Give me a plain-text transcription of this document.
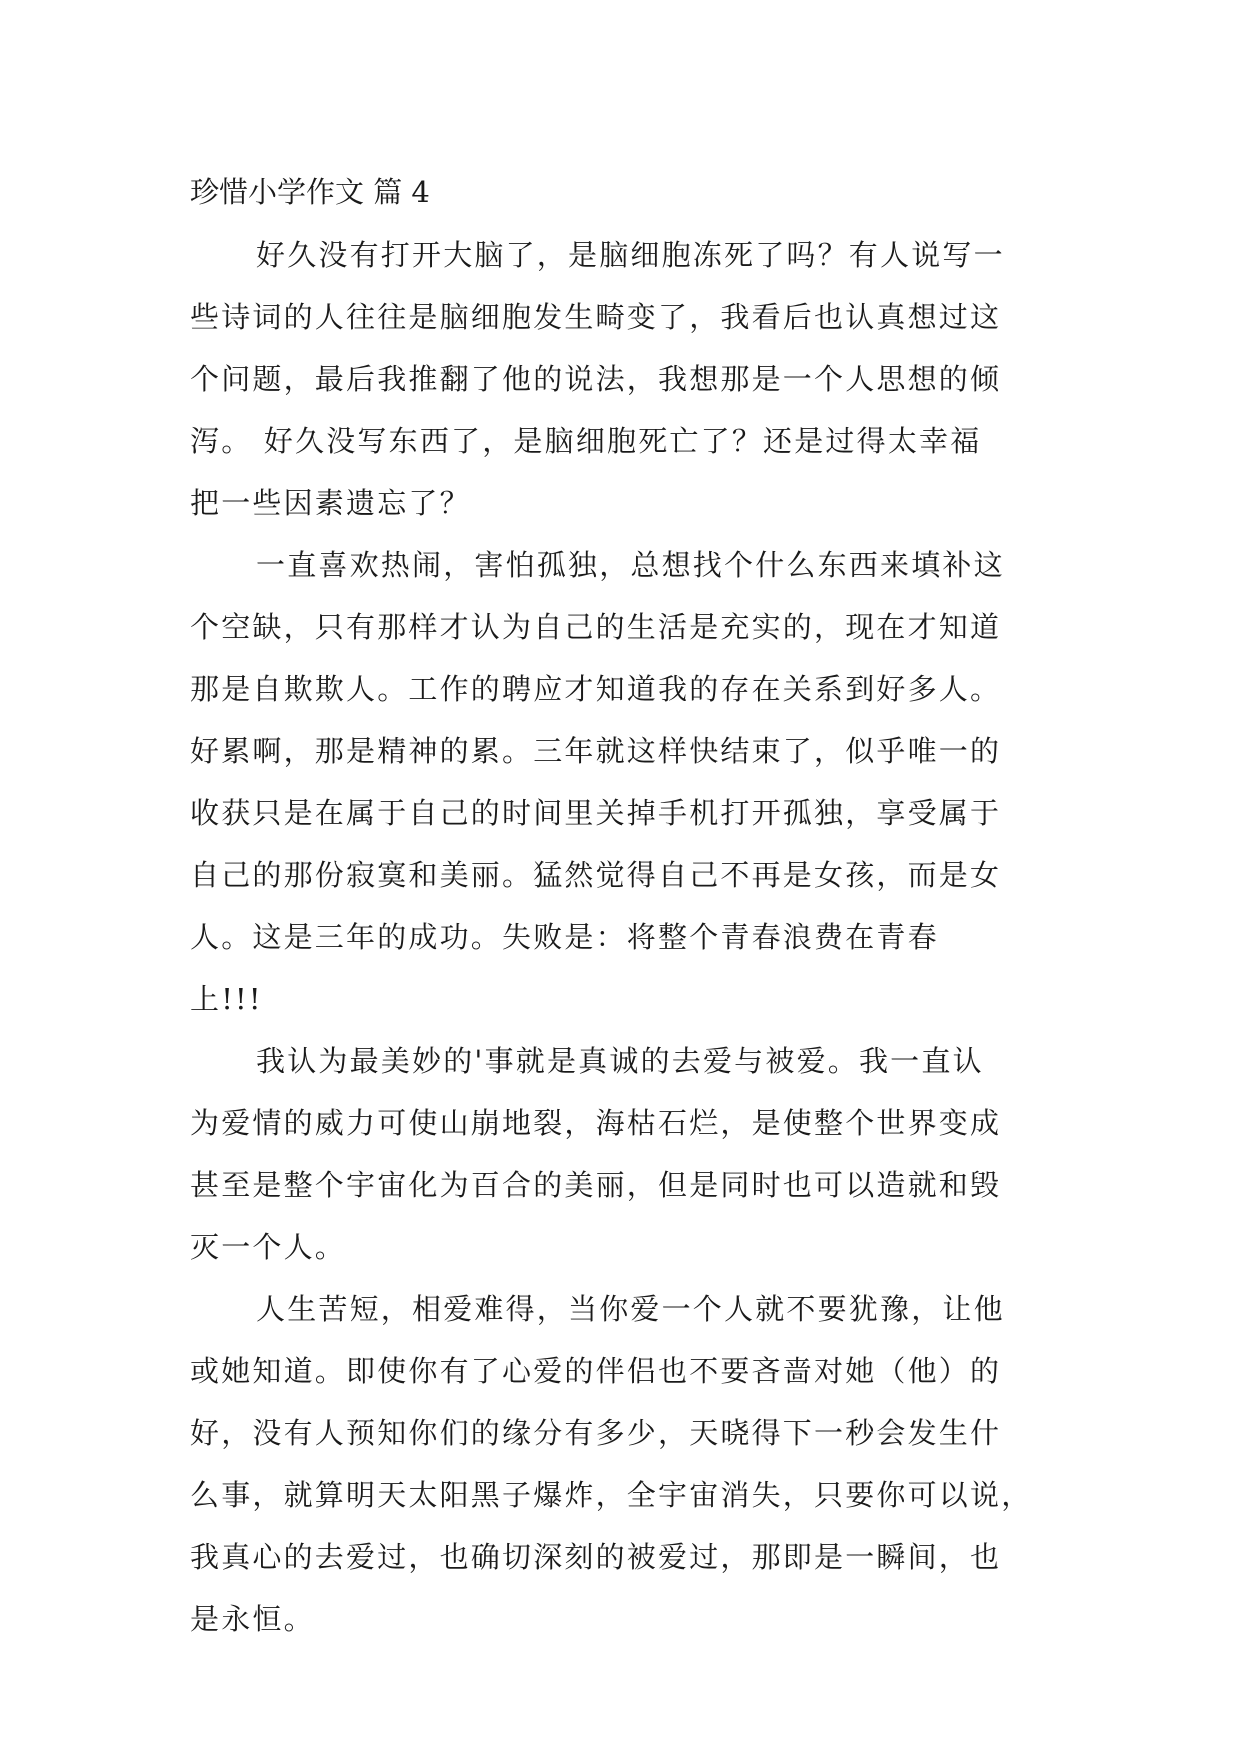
珍惜小学作文 篇 4
好久没有打开大脑了，是脑细胞冻死了吗？有人说写一
些诗词的人往往是脑细胞发生畸变了，我看后也认真想过这
个问题，最后我推翻了他的说法，我想那是一个人思想的倾
泻。 好久没写东西了，是脑细胞死亡了？还是过得太幸福
把一些因素遗忘了？
一直喜欢热闹，害怕孤独，总想找个什么东西来填补这
个空缺，只有那样才认为自己的生活是充实的，现在才知道
那是自欺欺人。工作的聘应才知道我的存在关系到好多人。
好累啊，那是精神的累。三年就这样快结束了，似乎唯一的
收获只是在属于自己的时间里关掉手机打开孤独，享受属于
自己的那份寂寞和美丽。猛然觉得自己不再是女孩，而是女
人。这是三年的成功。失败是：将整个青春浪费在青春
上!!!
我认为最美妙的'事就是真诚的去爱与被爱。我一直认
为爱情的威力可使山崩地裂，海枯石烂，是使整个世界变成
甚至是整个宇宙化为百合的美丽，但是同时也可以造就和毁
灭一个人。
人生苦短，相爱难得，当你爱一个人就不要犹豫，让他
或她知道。即使你有了心爱的伴侣也不要吝啬对她（他）的
好，没有人预知你们的缘分有多少，天晓得下一秒会发生什
么事，就算明天太阳黑子爆炸，全宇宙消失，只要你可以说，
我真心的去爱过，也确切深刻的被爱过，那即是一瞬间，也
是永恒。
